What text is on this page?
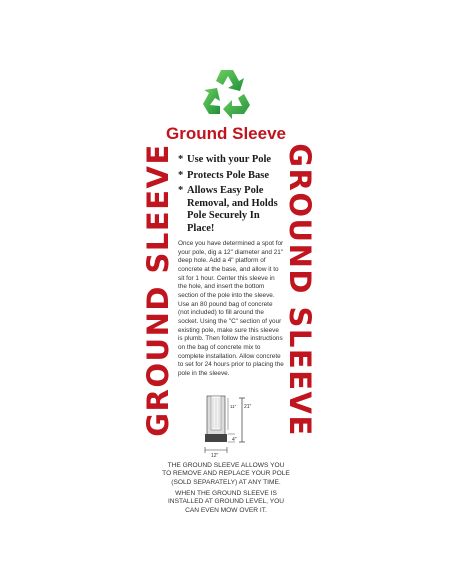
Ground Sleeve
GROUND SLEEVE	GROUND SLEEVE
* Use with your Pole
* Protects Pole Base
* Allows Easy Pole Removal, and Holds Pole Securely In Place!

Once you have determined a spot for your pole, dig a 12" diameter and 21" deep hole. Add a 4" platform of concrete at the base, and allow it to sit for 1 hour. Center this sleeve in the hole, and insert the bottom section of the pole into the sleeve. Use an 80 pound bag of concrete (not included) to fill around the socket. Using the "C" section of your existing pole, make sure this sleeve is plumb. Then follow the instructions on the bag of concrete mix to complete installation. Allow concrete to set for 24 hours prior to placing the pole in the sleeve.

21"
11"
4"
12"
THE GROUND SLEEVE ALLOWS YOU
TO REMOVE AND REPLACE YOUR POLE
(SOLD SEPARATELY) AT ANY TIME.
WHEN THE GROUND SLEEVE IS
INSTALLED AT GROUND LEVEL, YOU
CAN EVEN MOW OVER IT.
